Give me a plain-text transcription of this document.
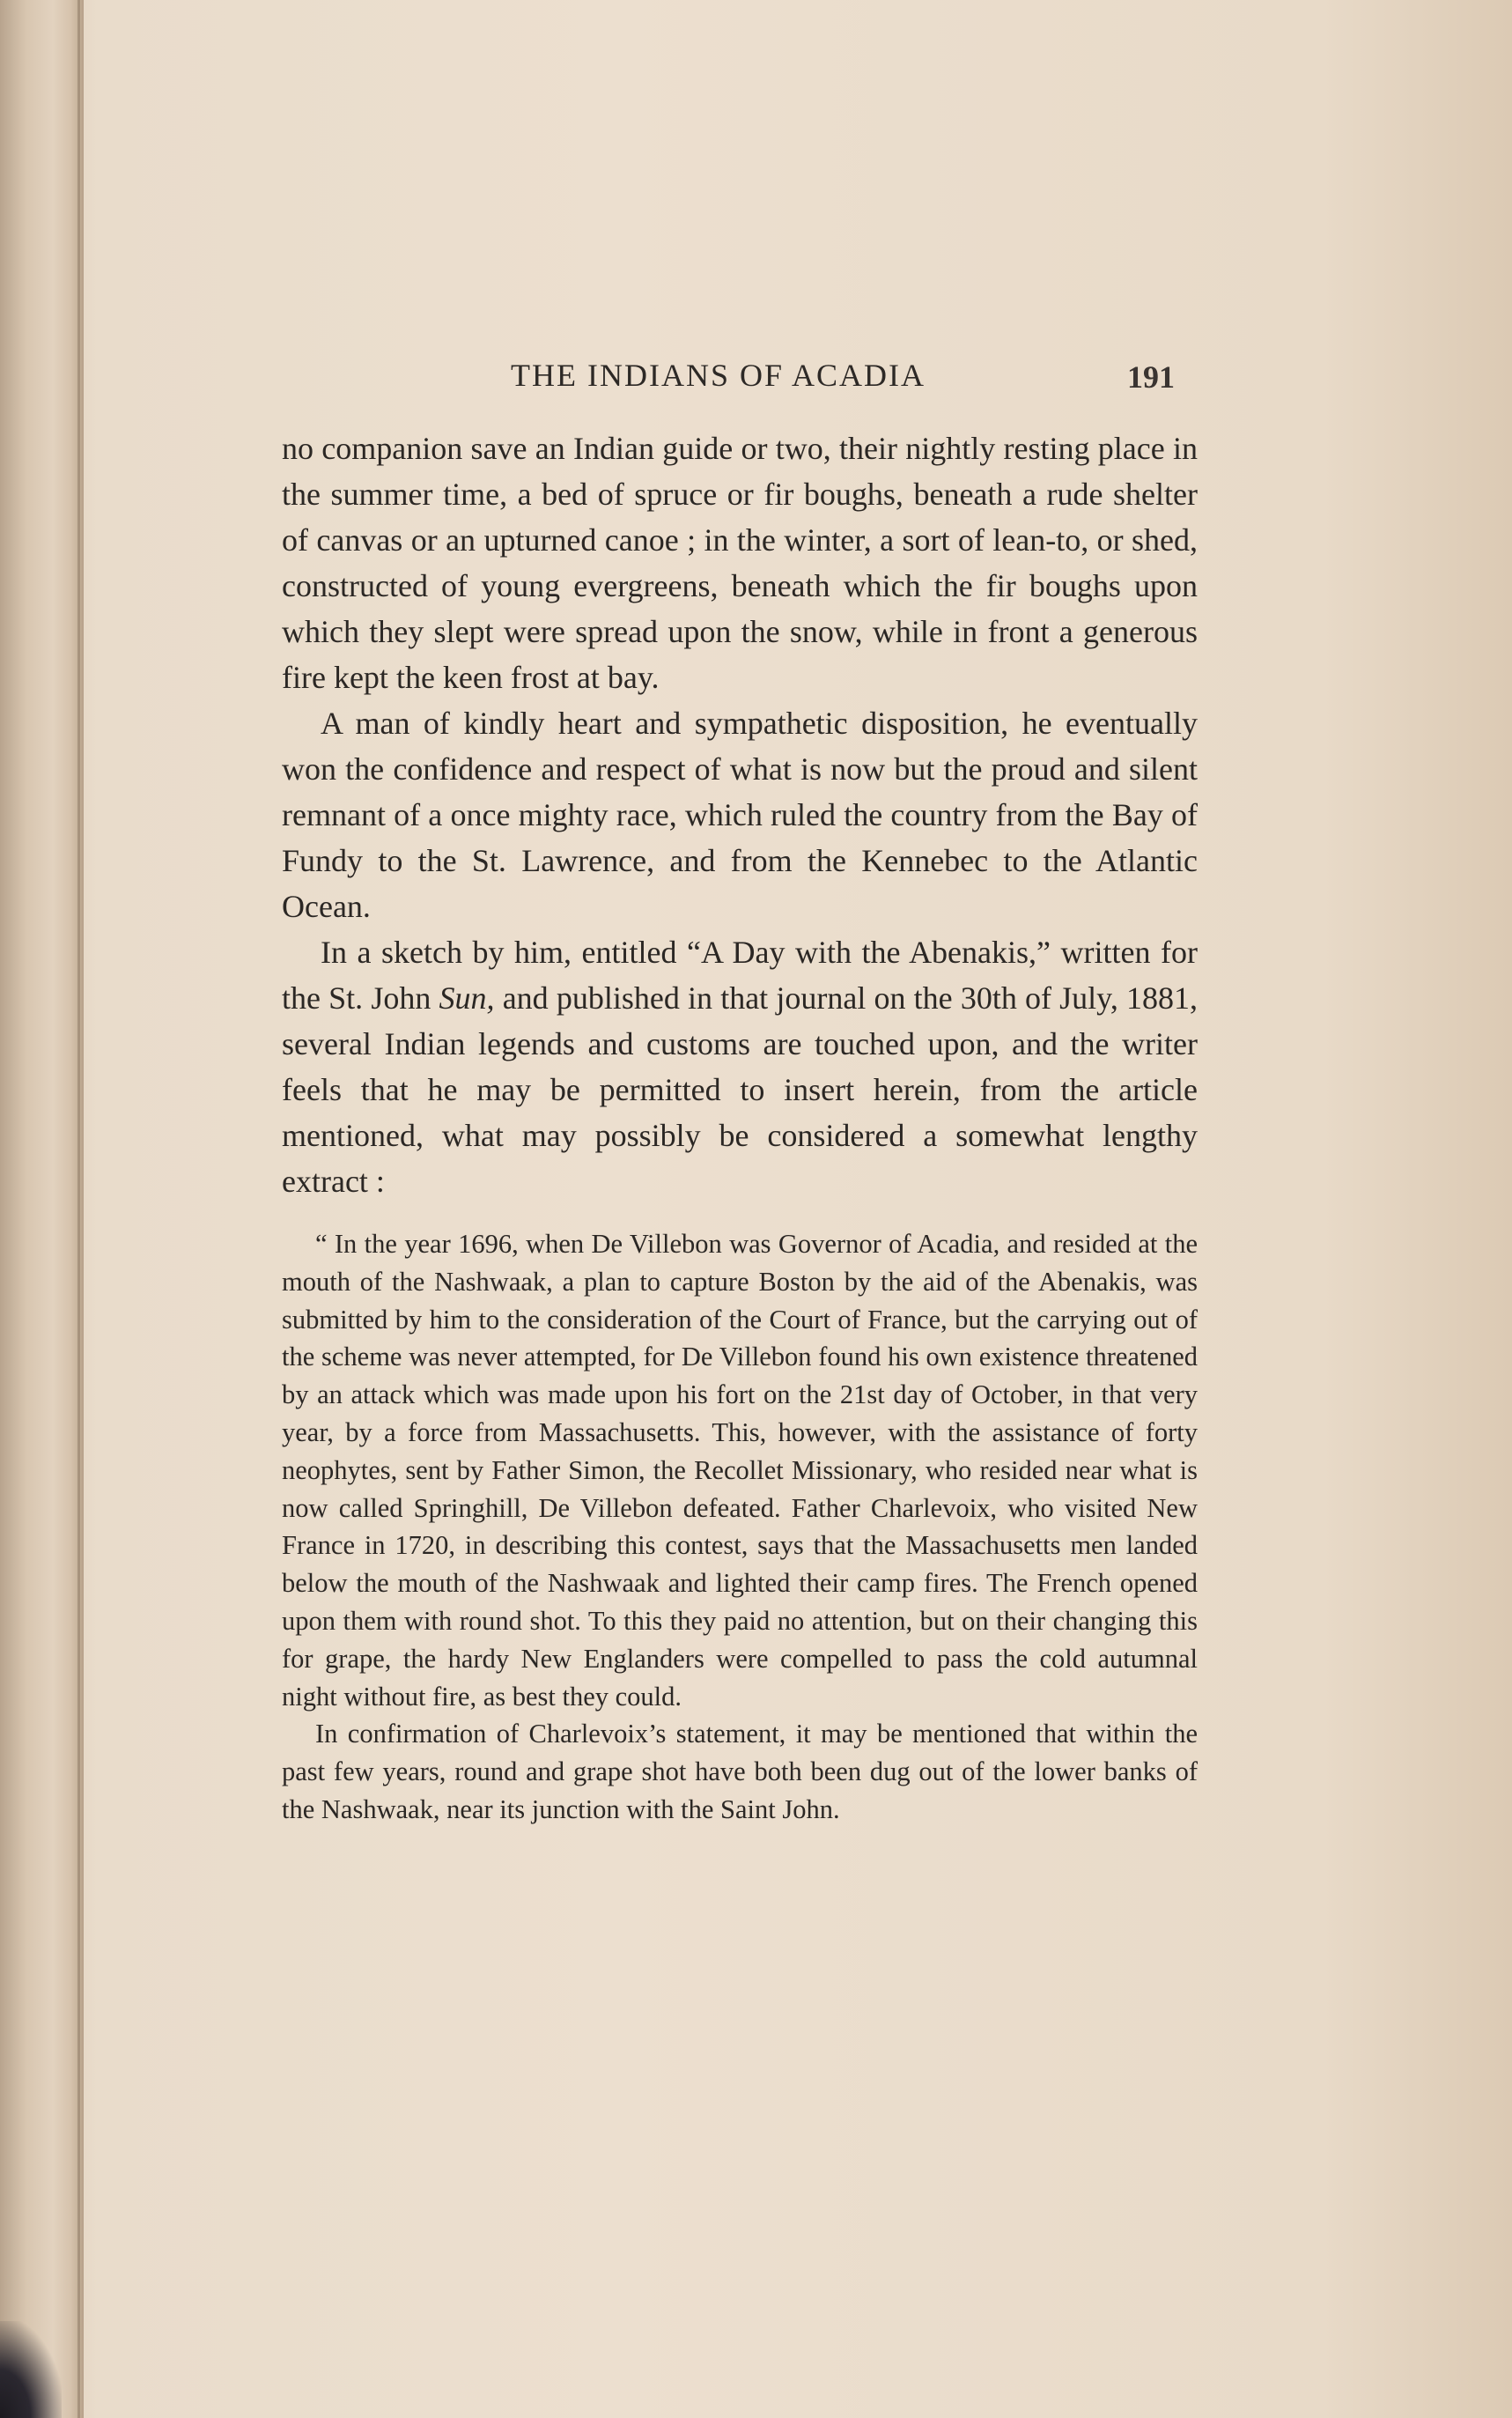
THE INDIANS OF ACADIA	191

no companion save an Indian guide or two, their nightly resting place in the summer time, a bed of spruce or fir boughs, beneath a rude shelter of canvas or an upturned canoe ; in the winter, a sort of lean-to, or shed, constructed of young evergreens, beneath which the fir boughs upon which they slept were spread upon the snow, while in front a generous fire kept the keen frost at bay.

A man of kindly heart and sympathetic disposition, he eventually won the confidence and respect of what is now but the proud and silent remnant of a once mighty race, which ruled the country from the Bay of Fundy to the St. Lawrence, and from the Kennebec to the Atlantic Ocean.

In a sketch by him, entitled “A Day with the Abenakis,” written for the St. John Sun, and published in that journal on the 30th of July, 1881, several Indian legends and customs are touched upon, and the writer feels that he may be permitted to insert herein, from the article mentioned, what may possibly be considered a somewhat lengthy extract :

“ In the year 1696, when De Villebon was Governor of Acadia, and resided at the mouth of the Nashwaak, a plan to capture Boston by the aid of the Abenakis, was submitted by him to the consideration of the Court of France, but the carrying out of the scheme was never attempted, for De Villebon found his own existence threatened by an attack which was made upon his fort on the 21st day of October, in that very year, by a force from Massachusetts. This, however, with the assistance of forty neophytes, sent by Father Simon, the Recollet Missionary, who resided near what is now called Springhill, De Villebon defeated. Father Charlevoix, who visited New France in 1720, in describing this contest, says that the Massachusetts men landed below the mouth of the Nashwaak and lighted their camp fires. The French opened upon them with round shot. To this they paid no attention, but on their changing this for grape, the hardy New Englanders were compelled to pass the cold autumnal night without fire, as best they could.

In confirmation of Charlevoix’s statement, it may be mentioned that within the past few years, round and grape shot have both been dug out of the lower banks of the Nashwaak, near its junction with the Saint John.
